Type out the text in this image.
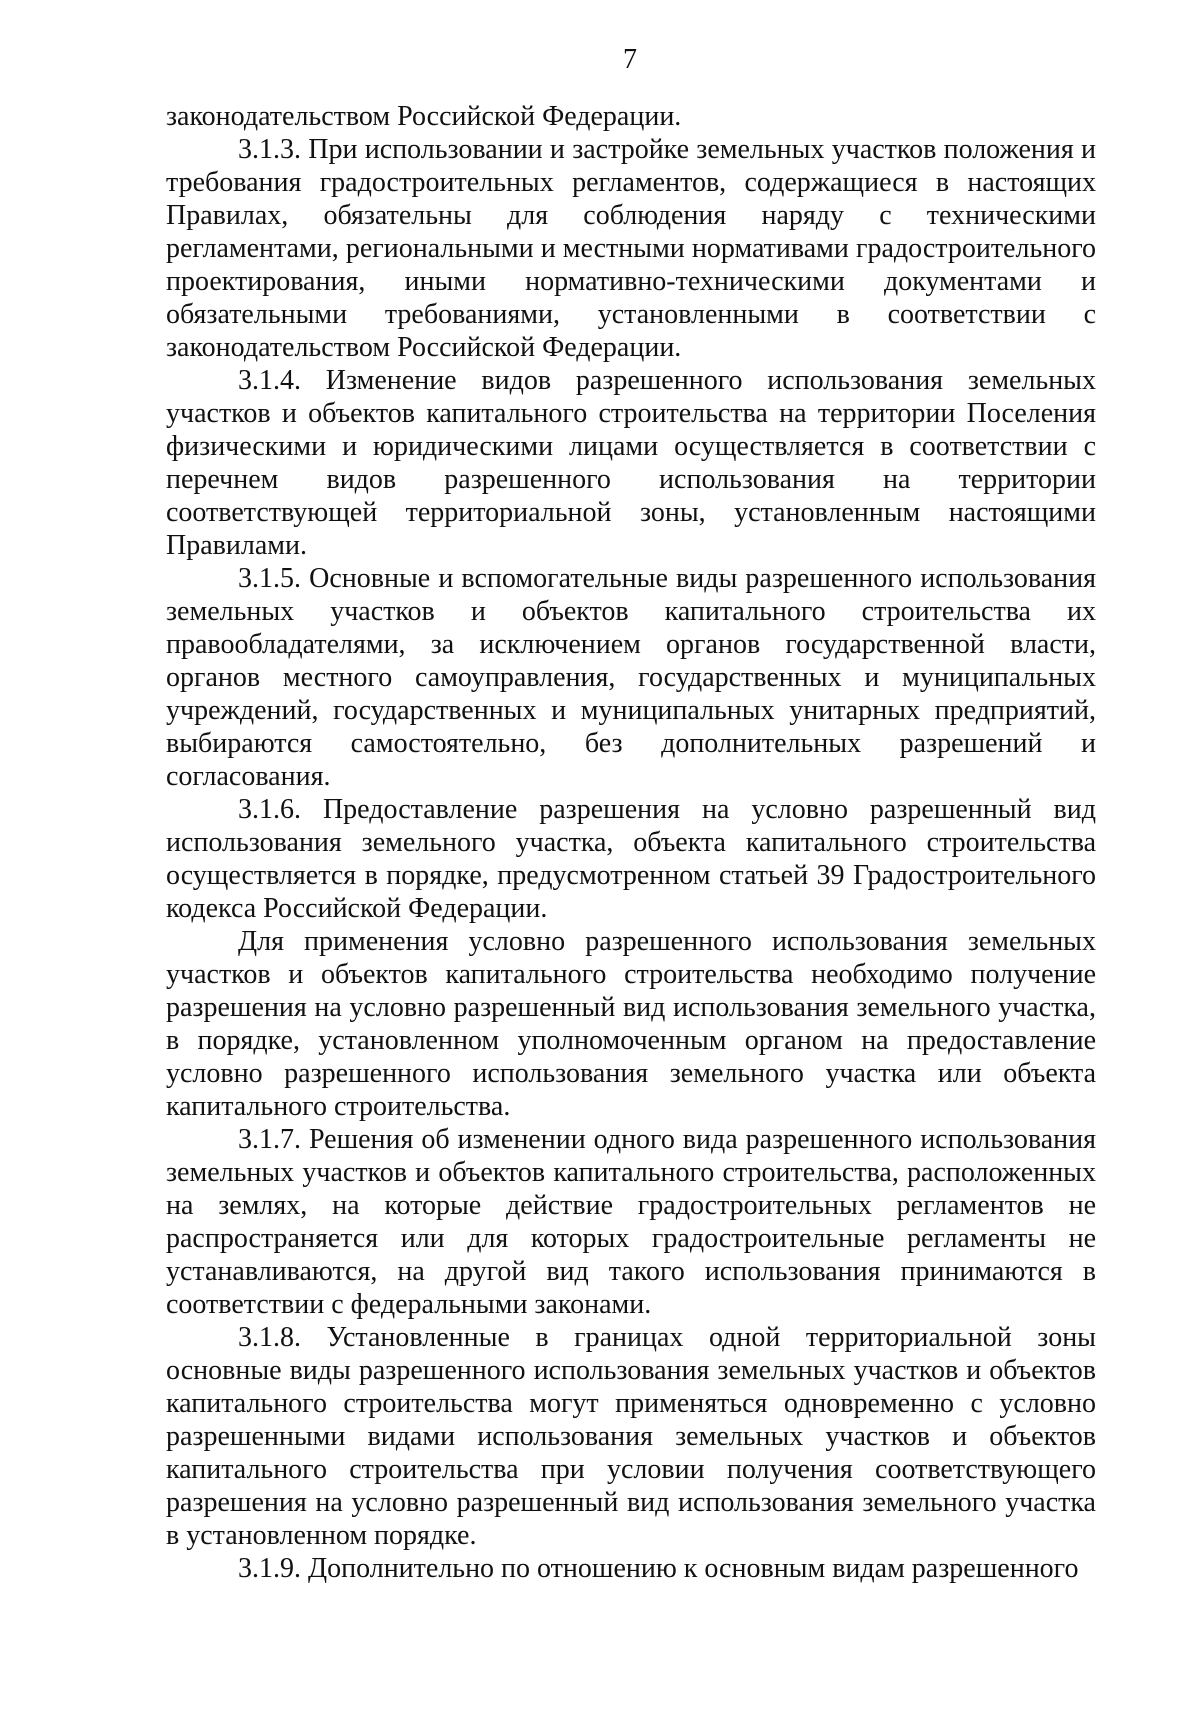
7

законодательством Российской Федерации.

3.1.3. При использовании и застройке земельных участков положения и требования градостроительных регламентов, содержащиеся в настоящих Правилах, обязательны для соблюдения наряду с техническими регламентами, региональными и местными нормативами градостроительного проектирования, иными нормативно-техническими документами и обязательными требованиями, установленными в соответствии с законодательством Российской Федерации.

3.1.4. Изменение видов разрешенного использования земельных участков и объектов капитального строительства на территории Поселения физическими и юридическими лицами осуществляется в соответствии с перечнем видов разрешенного использования на территории соответствующей территориальной зоны, установленным настоящими Правилами.

3.1.5. Основные и вспомогательные виды разрешенного использования земельных участков и объектов капитального строительства их правообладателями, за исключением органов государственной власти, органов местного самоуправления, государственных и муниципальных учреждений, государственных и муниципальных унитарных предприятий, выбираются самостоятельно, без дополнительных разрешений и согласования.

3.1.6. Предоставление разрешения на условно разрешенный вид использования земельного участка, объекта капитального строительства осуществляется в порядке, предусмотренном статьей 39 Градостроительного кодекса Российской Федерации.

Для применения условно разрешенного использования земельных участков и объектов капитального строительства необходимо получение разрешения на условно разрешенный вид использования земельного участка, в порядке, установленном уполномоченным органом на предоставление условно разрешенного использования земельного участка или объекта капитального строительства.

3.1.7. Решения об изменении одного вида разрешенного использования земельных участков и объектов капитального строительства, расположенных на землях, на которые действие градостроительных регламентов не распространяется или для которых градостроительные регламенты не устанавливаются, на другой вид такого использования принимаются в соответствии с федеральными законами.

3.1.8. Установленные в границах одной территориальной зоны основные виды разрешенного использования земельных участков и объектов капитального строительства могут применяться одновременно с условно разрешенными видами использования земельных участков и объектов капитального строительства при условии получения соответствующего разрешения на условно разрешенный вид использования земельного участка в установленном порядке.

3.1.9. Дополнительно по отношению к основным видам разрешенного
